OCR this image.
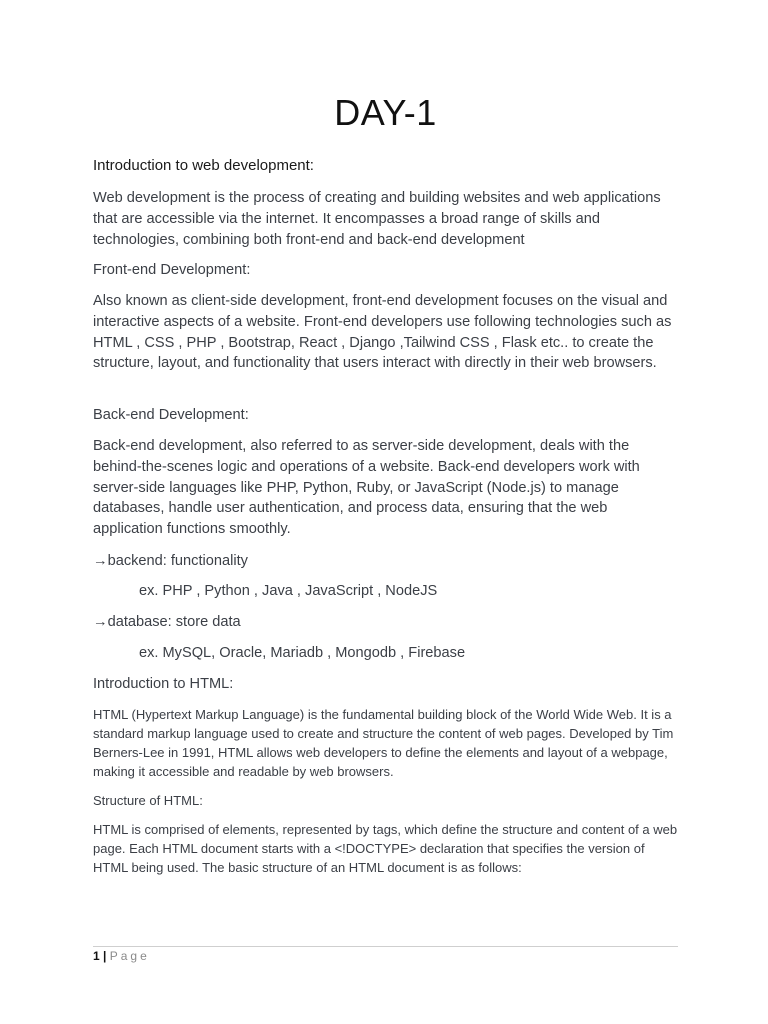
DAY-1

Introduction to web development:

Web development is the process of creating and building websites and web applications that are accessible via the internet. It encompasses a broad range of skills and technologies, combining both front-end and back-end development

Front-end Development:

Also known as client-side development, front-end development focuses on the visual and interactive aspects of a website. Front-end developers use following technologies such as HTML , CSS , PHP , Bootstrap, React , Django ,Tailwind CSS , Flask etc.. to create the structure, layout, and functionality that users interact with directly in their web browsers.

Back-end Development:

Back-end development, also referred to as server-side development, deals with the behind-the-scenes logic and operations of a website. Back-end developers work with server-side languages like PHP, Python, Ruby, or JavaScript (Node.js) to manage databases, handle user authentication, and process data, ensuring that the web application functions smoothly.

→backend: functionality

ex. PHP , Python , Java , JavaScript , NodeJS

→database: store data

ex. MySQL, Oracle, Mariadb , Mongodb , Firebase

Introduction to HTML:

HTML (Hypertext Markup Language) is the fundamental building block of the World Wide Web. It is a standard markup language used to create and structure the content of web pages. Developed by Tim Berners-Lee in 1991, HTML allows web developers to define the elements and layout of a webpage, making it accessible and readable by web browsers.

Structure of HTML:

HTML is comprised of elements, represented by tags, which define the structure and content of a web page. Each HTML document starts with a <!DOCTYPE> declaration that specifies the version of HTML being used. The basic structure of an HTML document is as follows:

1 | Page
